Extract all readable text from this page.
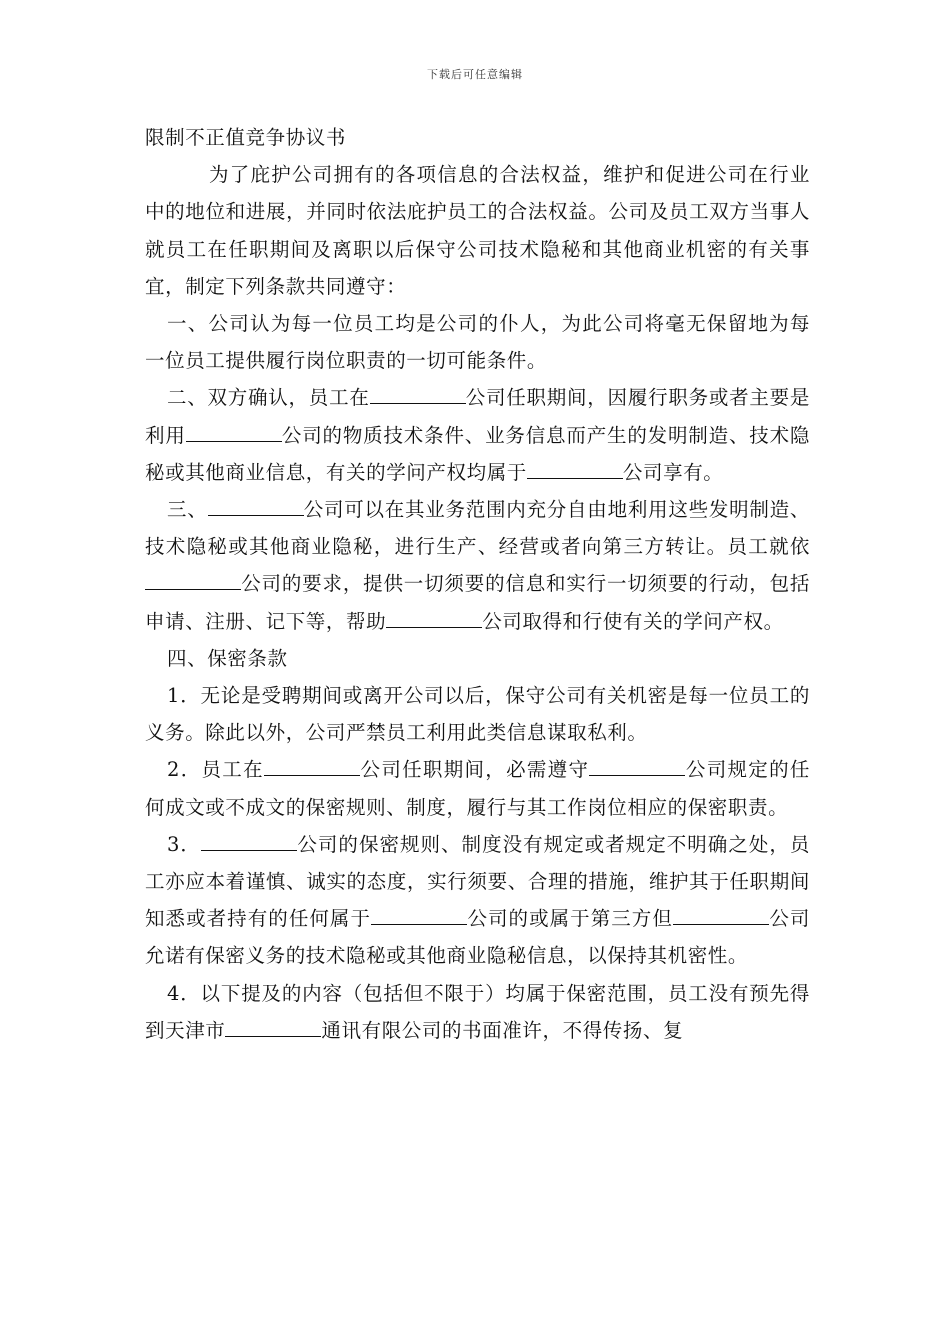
下载后可任意编辑
限制不正值竞争协议书

为了庇护公司拥有的各项信息的合法权益，维护和促进公司在行业中的地位和进展，并同时依法庇护员工的合法权益。公司及员工双方当事人就员工在任职期间及离职以后保守公司技术隐秘和其他商业机密的有关事宜，制定下列条款共同遵守：

一、公司认为每一位员工均是公司的仆人，为此公司将毫无保留地为每一位员工提供履行岗位职责的一切可能条件。

二、双方确认，员工在	公司任职期间，因履行职务或者主要是利用	公司的物质技术条件、业务信息而产生的发明制造、技术隐秘或其他商业信息，有关的学问产权均属于	公司享有。

三、	公司可以在其业务范围内充分自由地利用这些发明制造、技术隐秘或其他商业隐秘，进行生产、经营或者向第三方转让。员工就依公司的要求，提供一切须要的信息和实行一切须要的行动，包括申请、注册、记下等，帮助	公司取得和行使有关的学问产权。

四、保密条款

1．无论是受聘期间或离开公司以后，保守公司有关机密是每一位员工的义务。除此以外，公司严禁员工利用此类信息谋取私利。

2．员工在	公司任职期间，必需遵守	公司规定的任何成文或不成文的保密规则、制度，履行与其工作岗位相应的保密职责。

3．	公司的保密规则、制度没有规定或者规定不明确之处，员工亦应本着谨慎、诚实的态度，实行须要、合理的措施，维护其于任职期间知悉或者持有的任何属于	公司的或属于第三方但	公司允诺有保密义务的技术隐秘或其他商业隐秘信息，以保持其机密性。

4．以下提及的内容（包括但不限于）均属于保密范围，员工没有预先得到天津市	通讯有限公司的书面准许，不得传扬、复
